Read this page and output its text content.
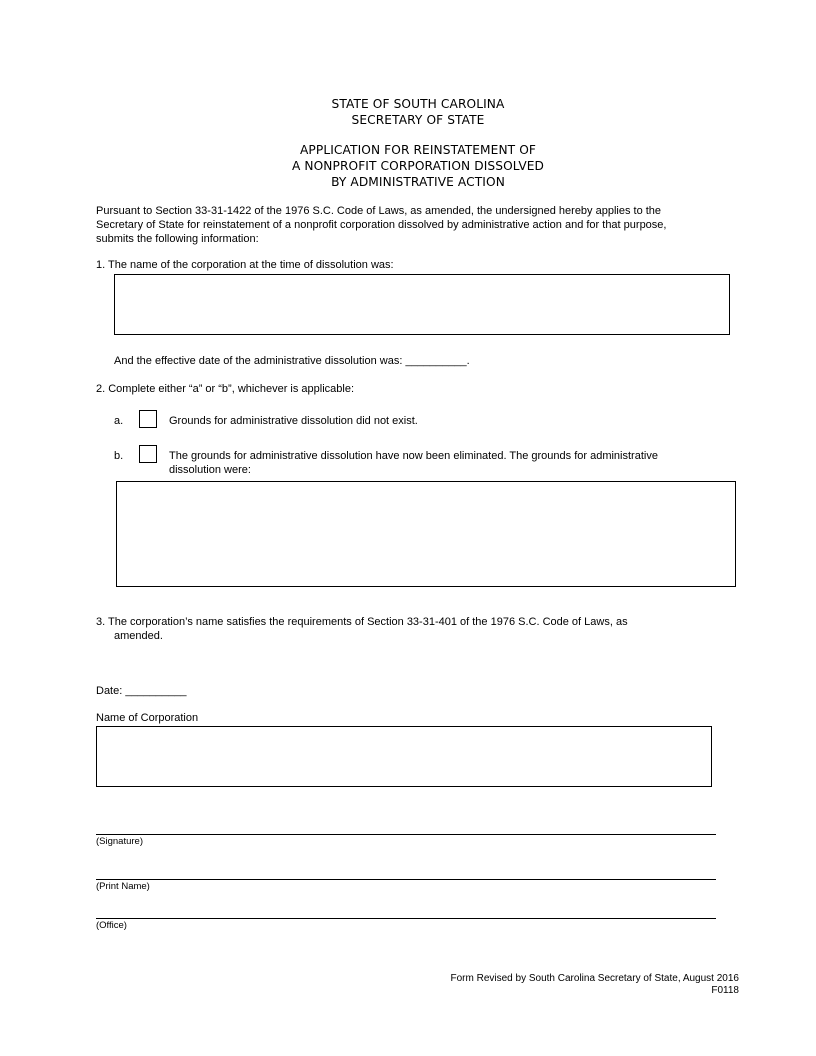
STATE OF SOUTH CAROLINA
SECRETARY OF STATE
APPLICATION FOR REINSTATEMENT OF
A NONPROFIT CORPORATION DISSOLVED
BY ADMINISTRATIVE ACTION
Pursuant to Section 33-31-1422 of the 1976 S.C. Code of Laws, as amended, the undersigned hereby applies to the
Secretary of State for reinstatement of a nonprofit corporation dissolved by administrative action and for that purpose,
submits the following information:
1. The name of the corporation at the time of dissolution was:
And the effective date of the administrative dissolution was: __________.
2. Complete either “a” or “b”, whichever is applicable:
a.	Grounds for administrative dissolution did not exist.
b.	The grounds for administrative dissolution have now been eliminated. The grounds for administrative
dissolution were:
3. The corporation’s name satisfies the requirements of Section 33-31-401 of the 1976 S.C. Code of Laws, as
amended.
Date: __________
Name of Corporation
(Signature)
(Print Name)
(Office)
Form Revised by South Carolina Secretary of State, August 2016
F0118
